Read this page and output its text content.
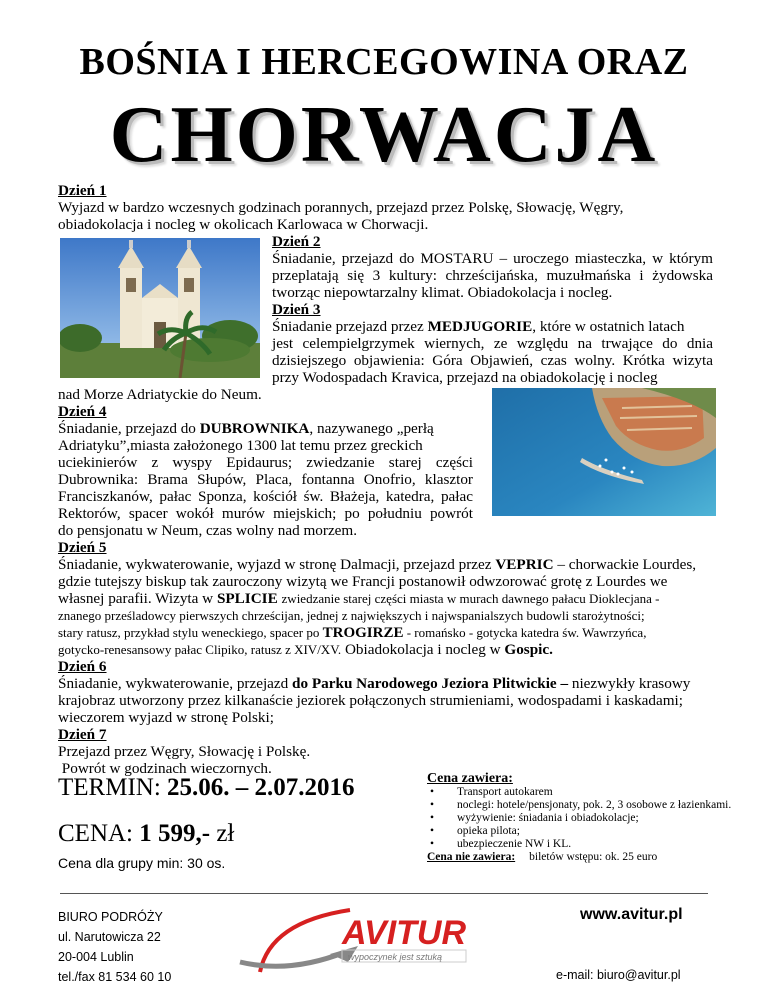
BOŚNIA I HERCEGOWINA ORAZ
CHORWACJA
Dzień 1
Wyjazd w bardzo wczesnych godzinach porannych, przejazd przez Polskę, Słowację, Węgry,
obiadokolacja i nocleg w okolicach Karlowaca w Chorwacji.
Dzień 2
Śniadanie, przejazd do MOSTARU – uroczego miasteczka, w którym
przeplatają się 3 kultury: chrześcijańska, muzułmańska i żydowska
tworząc niepowtarzalny klimat. Obiadokolacja i nocleg.
Dzień 3
Śniadanie przejazd przez
MEDJUGORIE , które w ostatnich latach
jest celempielgrzymek wiernych, ze względu na trwające do dnia
dzisiejszego objawienia: Góra Objawień, czas wolny. Krótka wizyta
przy Wodospadach Kravica, przejazd na obiadokolację i nocleg
nad Morze Adriatyckie do Neum.
Dzień 4
Śniadanie, przejazd do
DUBROWNIKA , nazywanego „perłą
Adriatyku”,miasta założonego 1300 lat temu przez greckich
uciekinierów z wyspy Epidaurus; zwiedzanie starej części
Dubrownika: Brama Słupów, Placa, fontanna Onofrio, klasztor
Franciszkanów, pałac Sponza, kościół św. Błażeja, katedra, pałac
Rektorów, spacer wokół murów miejskich; po południu powrót
do pensjonatu w Neum, czas wolny nad morzem.
Dzień 5
Śniadanie, wykwaterowanie, wyjazd w stronę Dalmacji, przejazd przez VEPRIC – chorwackie Lourdes,
gdzie tutejszy biskup tak zauroczony wizytą we Francji postanowił odwzorować grotę z Lourdes we
własnej parafii. Wizyta w SPLICIE zwiedzanie starej części miasta w murach dawnego pałacu Dioklecjana -
znanego prześladowcy pierwszych chrześcijan, jednej z największych i najwspanialszych budowli starożytności;
stary ratusz, przykład stylu weneckiego, spacer po TROGIRZE - romańsko - gotycka katedra św. Wawrzyńca,
gotycko-renesansowy pałac Clipiko, ratusz z XIV/XV. Obiadokolacja i nocleg w Gospic.
Dzień 6
Śniadanie, wykwaterowanie, przejazd do Parku Narodowego Jeziora Plitwickie – niezwykły krasowy
krajobraz utworzony przez kilkanaście jeziorek połączonych strumieniami, wodospadami i kaskadami;
wieczorem wyjazd w stronę Polski;
Dzień 7
Przejazd przez Węgry, Słowację i Polskę.
Powrót w godzinach wieczornych.
TERMIN: 25.06. – 2.07.2016
CENA: 1 599,- zł
Cena dla grupy min: 30 os.
Cena zawiera:
• Transport autokarem
• noclegi: hotele/pensjonaty, pok. 2, 3 osobowe z łazienkami.
• wyżywienie: śniadania i obiadokolacje;
• opieka pilota;
• ubezpieczenie NW i KL.
Cena nie zawiera: biletów wstępu: ok. 25 euro
BIURO PODRÓŻY
ul. Narutowicza 22
20-004 Lublin
tel./fax 81 534 60 10
AVITUR
wypoczynek jest sztuką
www.avitur.pl
e-mail: biuro@avitur.pl
